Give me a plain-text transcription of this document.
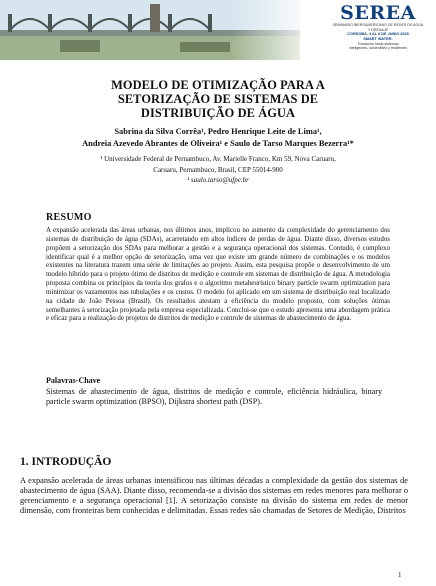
SEREA
SEMINARIO IBEROAMERICANO DE REDES DE AGUA
Y DRENAJE
CORDOBA, 4 AL 6 DE JUNIO 2025
SMART WATER:
Transición hacia sistemas
inteligentes, sostenibles y resilientes
MODELO DE OTIMIZAÇÃO PARA A
SETORIZAÇÃO DE SISTEMAS DE
DISTRIBUIÇÃO DE ÁGUA
Sabrina da Silva Corrêa¹, Pedro Henrique Leite de Lima¹,
Andreia Azevedo Abrantes de Oliveira¹ e Saulo de Tarso Marques Bezerra¹*
¹ Universidade Federal de Pernambuco, Av. Marielle Franco, Km 59, Nova Caruaru,
Caruaru, Pernambuco, Brasil, CEP 55014-900
¹ saulo.tarso@ufpe.br
RESUMO
A expansão acelerada das áreas urbanas, nos últimos anos, implicou no aumento da complexidade do gerenciamento dos sistemas de distribuição de água (SDAs), acarretando em altos índices de perdas de água. Diante disso, diversos estudos propõem a setorização dos SDAs para melhorar a gestão e a segurança operacional dos sistemas. Contudo, é complexo identificar qual é a melhor opção de setorização, uma vez que existe um grande número de combinações e os modelos existentes na literatura trazem uma série de limitações ao projeto. Assim, esta pesquisa propõe o desenvolvimento de um modelo híbrido para o projeto ótimo de distritos de medição e controle em sistemas de distribuição de água. A metodologia proposta combina os princípios da teoria dos grafos e o algoritmo metaheurístico binary particle swarm optimization para minimizar os vazamentos nas tubulações e os custos. O modelo foi aplicado em um sistema de distribuição real localizado na cidade de João Pessoa (Brasil). Os resultados atestam a eficiência do modelo proposto, com soluções ótimas semelhantes à setorização projetada pela empresa especializada. Conclui-se que o estudo apresenta uma abordagem prática e eficaz para a realização de projetos de distritos de medição e controle de sistemas de abastecimento de água.
Palavras-Chave
Sistemas de abastecimento de água, distritos de medição e controle, eficiência hidráulica, binary particle swarm optimization (BPSO), Dijkstra shortest path (DSP).
1. INTRODUÇÃO
A expansão acelerada de áreas urbanas intensificou nas últimas décadas a complexidade da gestão dos sistemas de abastecimento de água (SAA). Diante disso, recomenda-se a divisão dos sistemas em redes menores para melhorar o gerenciamento e a segurança operacional [1]. A setorização consiste na divisão do sistema em redes de menor dimensão, com fronteiras bem conhecidas e delimitadas. Essas redes são chamadas de Setores de Medição, Distritos
1
